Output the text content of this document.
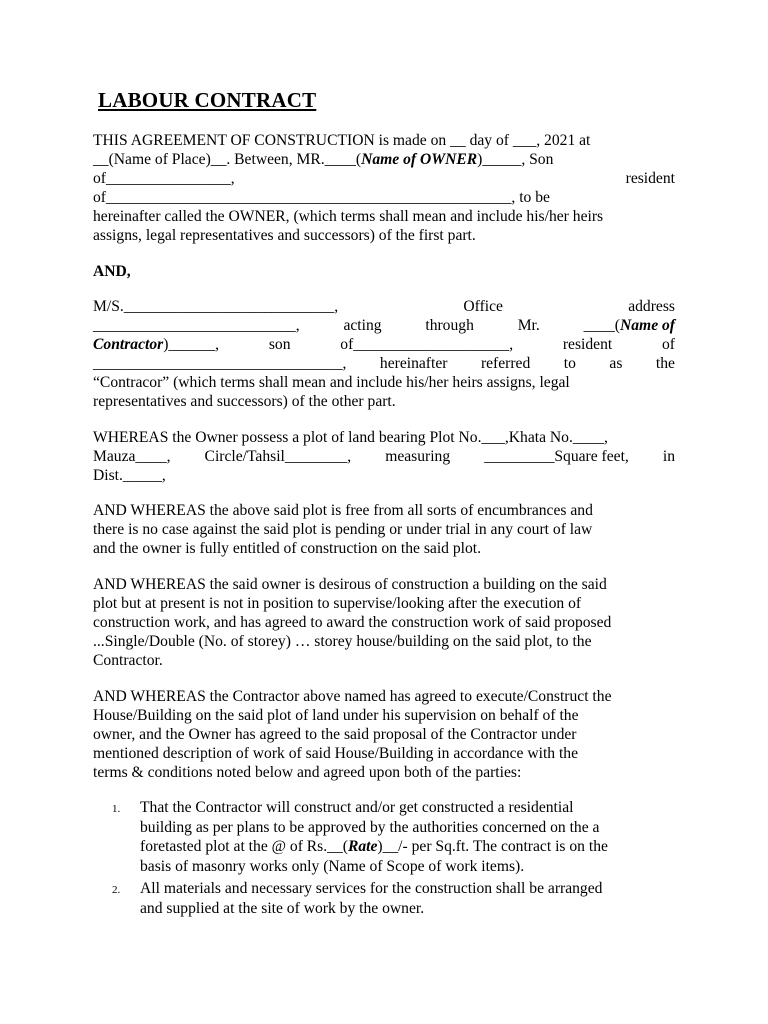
LABOUR CONTRACT
THIS AGREEMENT OF CONSTRUCTION is made on __ day of ___, 2021 at
__(Name of Place)__. Between, MR.____(Name of OWNER)_____, Son
of________________,	resident
of____________________________________________________, to be
hereinafter called the OWNER, (which terms shall mean and include his/her heirs
assigns, legal representatives and successors) of the first part.
AND,
M/S.___________________________,	Office	address
__________________________,	acting	through	Mr.	____(Name of
Contractor)______,	son	of____________________,	resident	of
________________________________, hereinafter referred to as the
“Contracor” (which terms shall mean and include his/her heirs assigns, legal
representatives and successors) of the other part.
WHEREAS the Owner possess a plot of land bearing Plot No.___,Khata No.____,
Mauza____, Circle/Tahsil________, measuring _________Square feet, in
Dist._____,
AND WHEREAS the above said plot is free from all sorts of encumbrances and
there is no case against the said plot is pending or under trial in any court of law
and the owner is fully entitled of construction on the said plot.
AND WHEREAS the said owner is desirous of construction a building on the said
plot but at present is not in position to supervise/looking after the execution of
construction work, and has agreed to award the construction work of said proposed
...Single/Double (No. of storey) … storey house/building on the said plot, to the
Contractor.
AND WHEREAS the Contractor above named has agreed to execute/Construct the
House/Building on the said plot of land under his supervision on behalf of the
owner, and the Owner has agreed to the said proposal of the Contractor under
mentioned description of work of said House/Building in accordance with the
terms & conditions noted below and agreed upon both of the parties:
1.	That the Contractor will construct and/or get constructed a residential
building as per plans to be approved by the authorities concerned on the a
foretasted plot at the @ of Rs.__(Rate)__/- per Sq.ft. The contract is on the
basis of masonry works only (Name of Scope of work items).
2.	All materials and necessary services for the construction shall be arranged
and supplied at the site of work by the owner.
